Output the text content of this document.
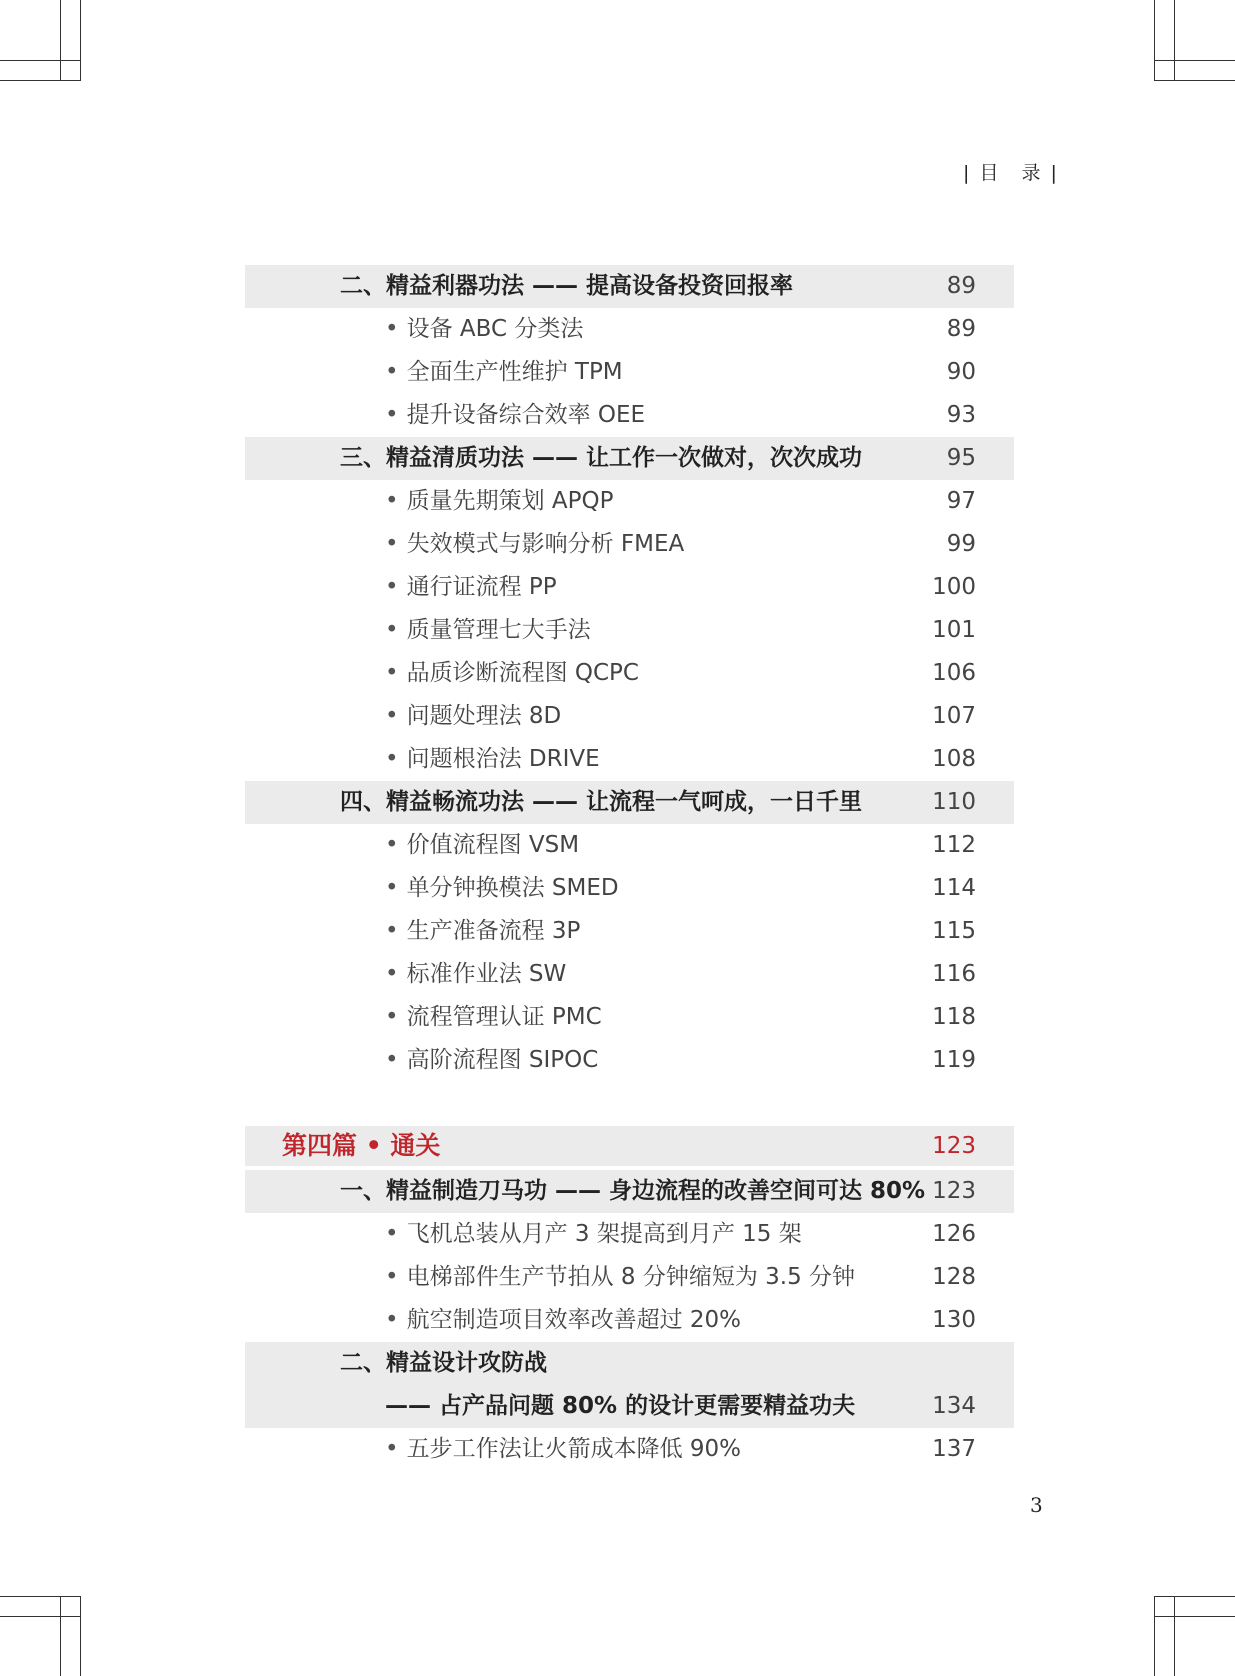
| 目　录 |
二、精益利器功法 —— 提高设备投资回报率	89
• 设备 ABC 分类法	89
• 全面生产性维护 TPM	90
• 提升设备综合效率 OEE	93
三、精益清质功法 —— 让工作一次做对，次次成功	95
• 质量先期策划 APQP	97
• 失效模式与影响分析 FMEA	99
• 通行证流程 PP	100
• 质量管理七大手法	101
• 品质诊断流程图 QCPC	106
• 问题处理法 8D	107
• 问题根治法 DRIVE	108
四、精益畅流功法 —— 让流程一气呵成，一日千里	110
• 价值流程图 VSM	112
• 单分钟换模法 SMED	114
• 生产准备流程 3P	115
• 标准作业法 SW	116
• 流程管理认证 PMC	118
• 高阶流程图 SIPOC	119
第四篇 • 通关	123
一、精益制造刀马功 —— 身边流程的改善空间可达 80% 123
• 飞机总装从月产 3 架提高到月产 15 架	126
• 电梯部件生产节拍从 8 分钟缩短为 3.5 分钟	128
• 航空制造项目效率改善超过 20%	130
二、精益设计攻防战
—— 占产品问题 80% 的设计更需要精益功夫	134
• 五步工作法让火箭成本降低 90%	137
3
